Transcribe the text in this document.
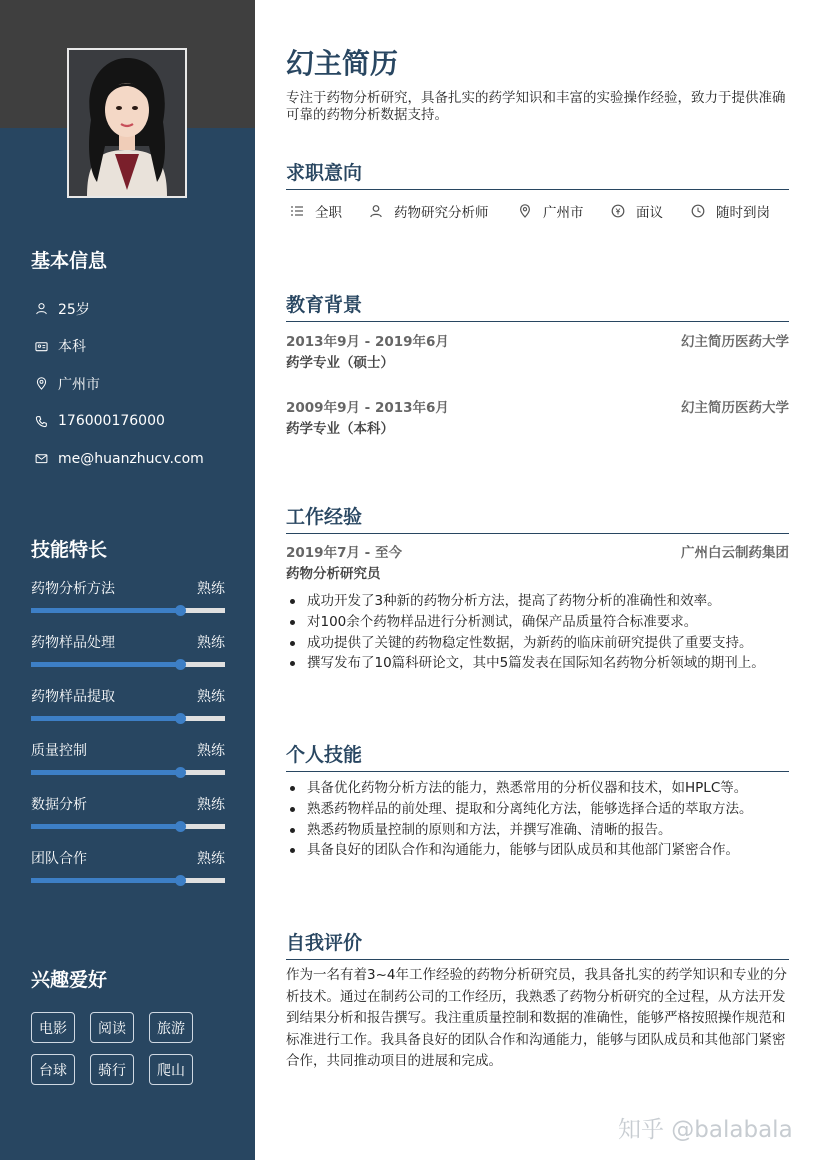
基本信息
25岁
本科
广州市
176000176000
me@huanzhucv.com
技能特长
药物分析方法	熟练
药物样品处理	熟练
药物样品提取	熟练
质量控制	熟练
数据分析	熟练
团队合作	熟练
兴趣爱好
电影	阅读	旅游
台球	骑行	爬山
幻主简历
专注于药物分析研究，具备扎实的药学知识和丰富的实验操作经验，致力于提供准确可靠的药物分析数据支持。
求职意向
全职	药物研究分析师	广州市	面议	随时到岗
教育背景
2013年9月 - 2019年6月	幻主简历医药大学
药学专业（硕士）
2009年9月 - 2013年6月	幻主简历医药大学
药学专业（本科）
工作经验
2019年7月 - 至今	广州白云制药集团
药物分析研究员
成功开发了3种新的药物分析方法，提高了药物分析的准确性和效率。
对100余个药物样品进行分析测试，确保产品质量符合标准要求。
成功提供了关键的药物稳定性数据，为新药的临床前研究提供了重要支持。
撰写发布了10篇科研论文，其中5篇发表在国际知名药物分析领域的期刊上。
个人技能
具备优化药物分析方法的能力，熟悉常用的分析仪器和技术，如HPLC等。
熟悉药物样品的前处理、提取和分离纯化方法，能够选择合适的萃取方法。
熟悉药物质量控制的原则和方法，并撰写准确、清晰的报告。
具备良好的团队合作和沟通能力，能够与团队成员和其他部门紧密合作。
自我评价
作为一名有着3~4年工作经验的药物分析研究员，我具备扎实的药学知识和专业的分析技术。通过在制药公司的工作经历，我熟悉了药物分析研究的全过程，从方法开发到结果分析和报告撰写。我注重质量控制和数据的准确性，能够严格按照操作规范和标准进行工作。我具备良好的团队合作和沟通能力，能够与团队成员和其他部门紧密合作，共同推动项目的进展和完成。
知乎 @balabala
